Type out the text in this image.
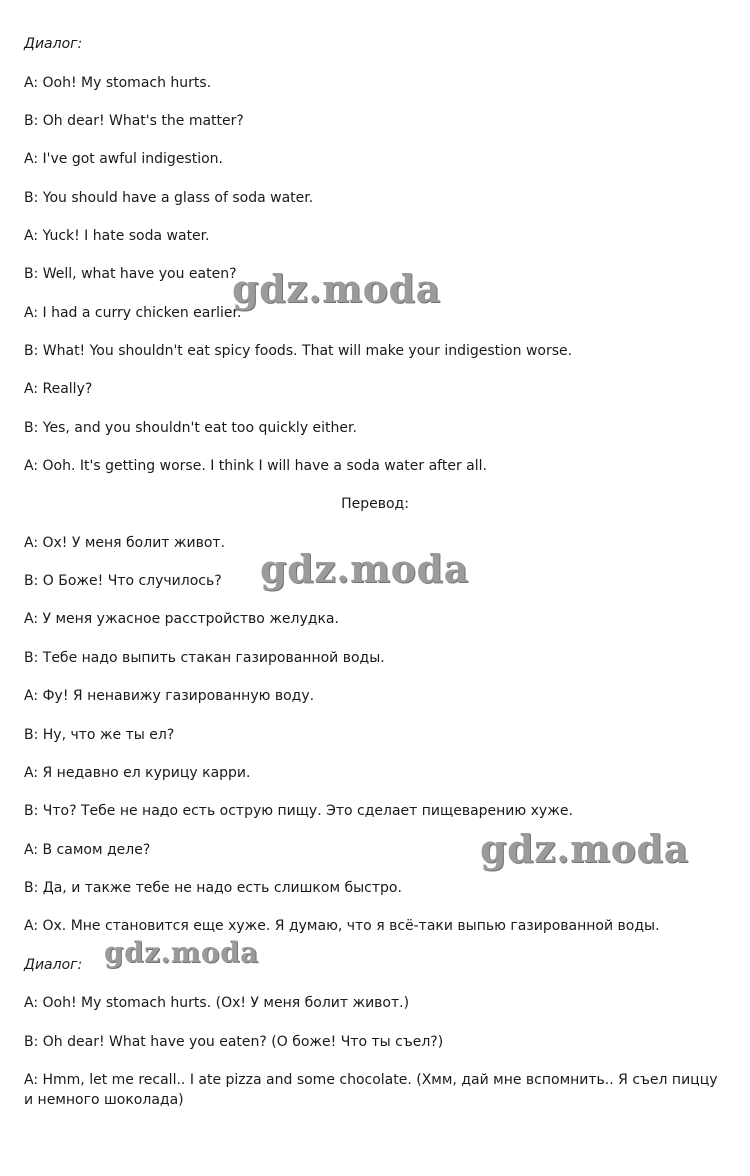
Диалог:
A: Ooh! My stomach hurts.
B: Oh dear! What's the matter?
A: I've got awful indigestion.
B: You should have a glass of soda water.
A: Yuck! I hate soda water.
B: Well, what have you eaten?
A: I had a curry chicken earlier.
B: What! You shouldn't eat spicy foods. That will make your indigestion worse.
A: Really?
B: Yes, and you shouldn't eat too quickly either.
A: Ooh. It's getting worse. I think I will have a soda water after all.
Перевод:
A: Ох! У меня болит живот.
B: О Боже! Что случилось?
A: У меня ужасное расстройство желудка.
B: Тебе надо выпить стакан газированной воды.
A: Фу! Я ненавижу газированную воду.
B: Ну, что же ты ел?
A: Я недавно ел курицу карри.
B: Что? Тебе не надо есть острую пищу. Это сделает пищеварению хуже.
A: В самом деле?
B: Да, и также тебе не надо есть слишком быстро.
A: Ох. Мне становится еще хуже. Я думаю, что я всё-таки выпью газированной воды.
Диалог:
A: Ooh! My stomach hurts. (Ох! У меня болит живот.)
B: Oh dear! What have you eaten? (О боже! Что ты съел?)
A: Hmm, let me recall.. I ate pizza and some chocolate. (Хмм, дай мне вспомнить.. Я съел пиццу и немного шоколада)
gdz.moda
gdz.moda
gdz.moda
gdz.moda
